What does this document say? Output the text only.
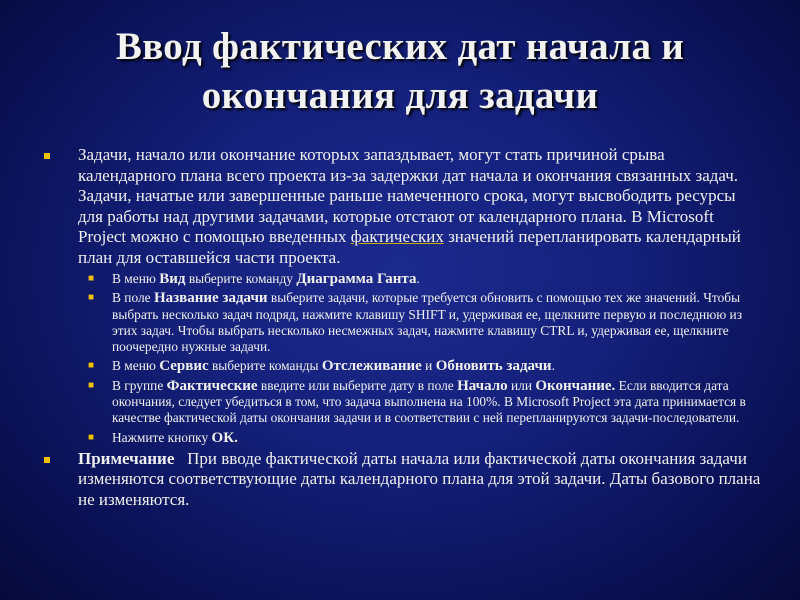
Ввод фактических дат начала и
окончания для задачи

Задачи, начало или окончание которых запаздывает, могут стать причиной срыва календарного плана всего проекта из-за задержки дат начала и окончания связанных задач. Задачи, начатые или завершенные раньше намеченного срока, могут высвободить ресурсы для работы над другими задачами, которые отстают от календарного плана. В Microsoft Project можно с помощью введенных фактических значений перепланировать календарный план для оставшейся части проекта.

■ В меню Вид выберите команду Диаграмма Ганта.

■ В поле Название задачи выберите задачи, которые требуется обновить с помощью тех же значений. Чтобы выбрать несколько задач подряд, нажмите клавишу SHIFT и, удерживая ее, щелкните первую и последнюю из этих задач. Чтобы выбрать несколько несмежных задач, нажмите клавишу CTRL и, удерживая ее, щелкните поочередно нужные задачи.

■ В меню Сервис выберите команды Отслеживание и Обновить задачи.

■ В группе Фактические введите или выберите дату в поле Начало или Окончание. Если вводится дата окончания, следует убедиться в том, что задача выполнена на 100%. В Microsoft Project эта дата принимается в качестве фактической даты окончания задачи и в соответствии с ней перепланируются задачи-последователи.

■ Нажмите кнопку ОК.

Примечание   При вводе фактической даты начала или фактической даты окончания задачи изменяются соответствующие даты календарного плана для этой задачи. Даты базового плана не изменяются.
